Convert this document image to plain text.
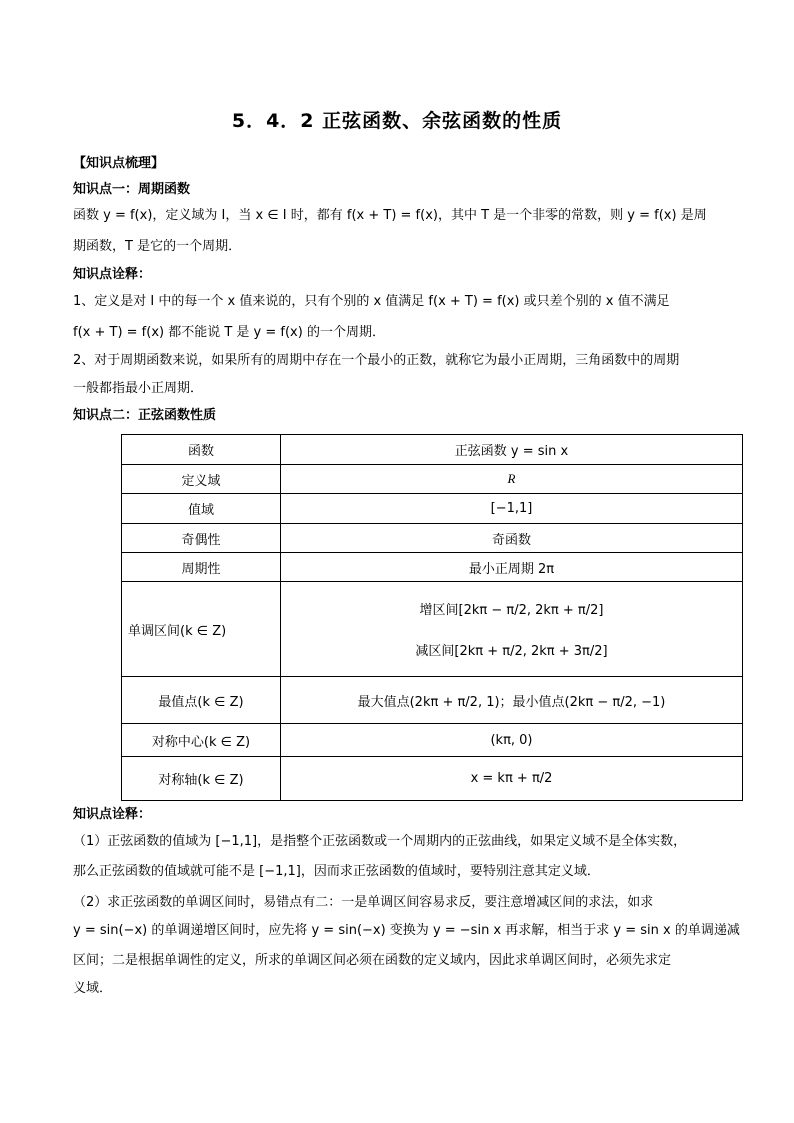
5．4．2 正弦函数、余弦函数的性质
【知识点梳理】
知识点一：周期函数
函数 y = f(x)，定义域为 I，当 x ∈ I 时，都有 f(x + T) = f(x)，其中 T 是一个非零的常数，则 y = f(x) 是周
期函数，T 是它的一个周期．
知识点诠释：
1、定义是对 I 中的每一个 x 值来说的，只有个别的 x 值满足 f(x + T) = f(x) 或只差个别的 x 值不满足
f(x + T) = f(x) 都不能说 T 是 y = f(x) 的一个周期．
2、对于周期函数来说，如果所有的周期中存在一个最小的正数，就称它为最小正周期，三角函数中的周期
一般都指最小正周期．
知识点二：正弦函数性质
函数	正弦函数 y = sin x
定义域	R
值域	[−1,1]
奇偶性	奇函数
周期性	最小正周期 2π
单调区间(k ∈ Z)	增区间[2kπ − π/2, 2kπ + π/2]
减区间[2kπ + π/2, 2kπ + 3π/2]

最值点(k ∈ Z)	最大值点(2kπ + π/2, 1)；最小值点(2kπ − π/2, −1)
对称中心(k ∈ Z)	(kπ, 0)
对称轴(k ∈ Z)	x = kπ + π/2
知识点诠释：
（1）正弦函数的值域为 [−1,1]，是指整个正弦函数或一个周期内的正弦曲线，如果定义域不是全体实数，
那么正弦函数的值域就可能不是 [−1,1]，因而求正弦函数的值域时，要特别注意其定义域．
（2）求正弦函数的单调区间时，易错点有二：一是单调区间容易求反，要注意增减区间的求法，如求
y = sin(−x) 的单调递增区间时，应先将 y = sin(−x) 变换为 y = −sin x 再求解，相当于求 y = sin x 的单调递减
区间；二是根据单调性的定义，所求的单调区间必须在函数的定义域内，因此求单调区间时，必须先求定
义域．
